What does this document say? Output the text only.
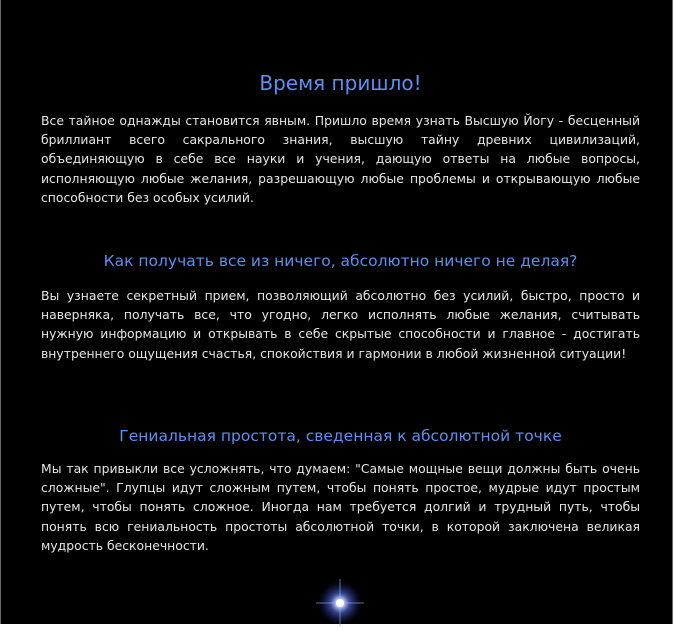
Время пришло!

Все тайное однажды становится явным. Пришло время узнать Высшую Йогу - бесценный бриллиант всего сакрального знания, высшую тайну древних цивилизаций, объединяющую в себе все науки и учения, дающую ответы на любые вопросы, исполняющую любые желания, разрешающую любые проблемы и открывающую любые способности без особых усилий.

Как получать все из ничего, абсолютно ничего не делая?

Вы узнаете секретный прием, позволяющий абсолютно без усилий, быстро, просто и наверняка, получать все, что угодно, легко исполнять любые желания, считывать нужную информацию и открывать в себе скрытые способности и главное - достигать внутреннего ощущения счастья, спокойствия и гармонии в любой жизненной ситуации!

Гениальная простота, сведенная к абсолютной точке

Мы так привыкли все усложнять, что думаем: "Самые мощные вещи должны быть очень сложные". Глупцы идут сложным путем, чтобы понять простое, мудрые идут простым путем, чтобы понять сложное. Иногда нам требуется долгий и трудный путь, чтобы понять всю гениальность простоты абсолютной точки, в которой заключена великая мудрость бесконечности.
